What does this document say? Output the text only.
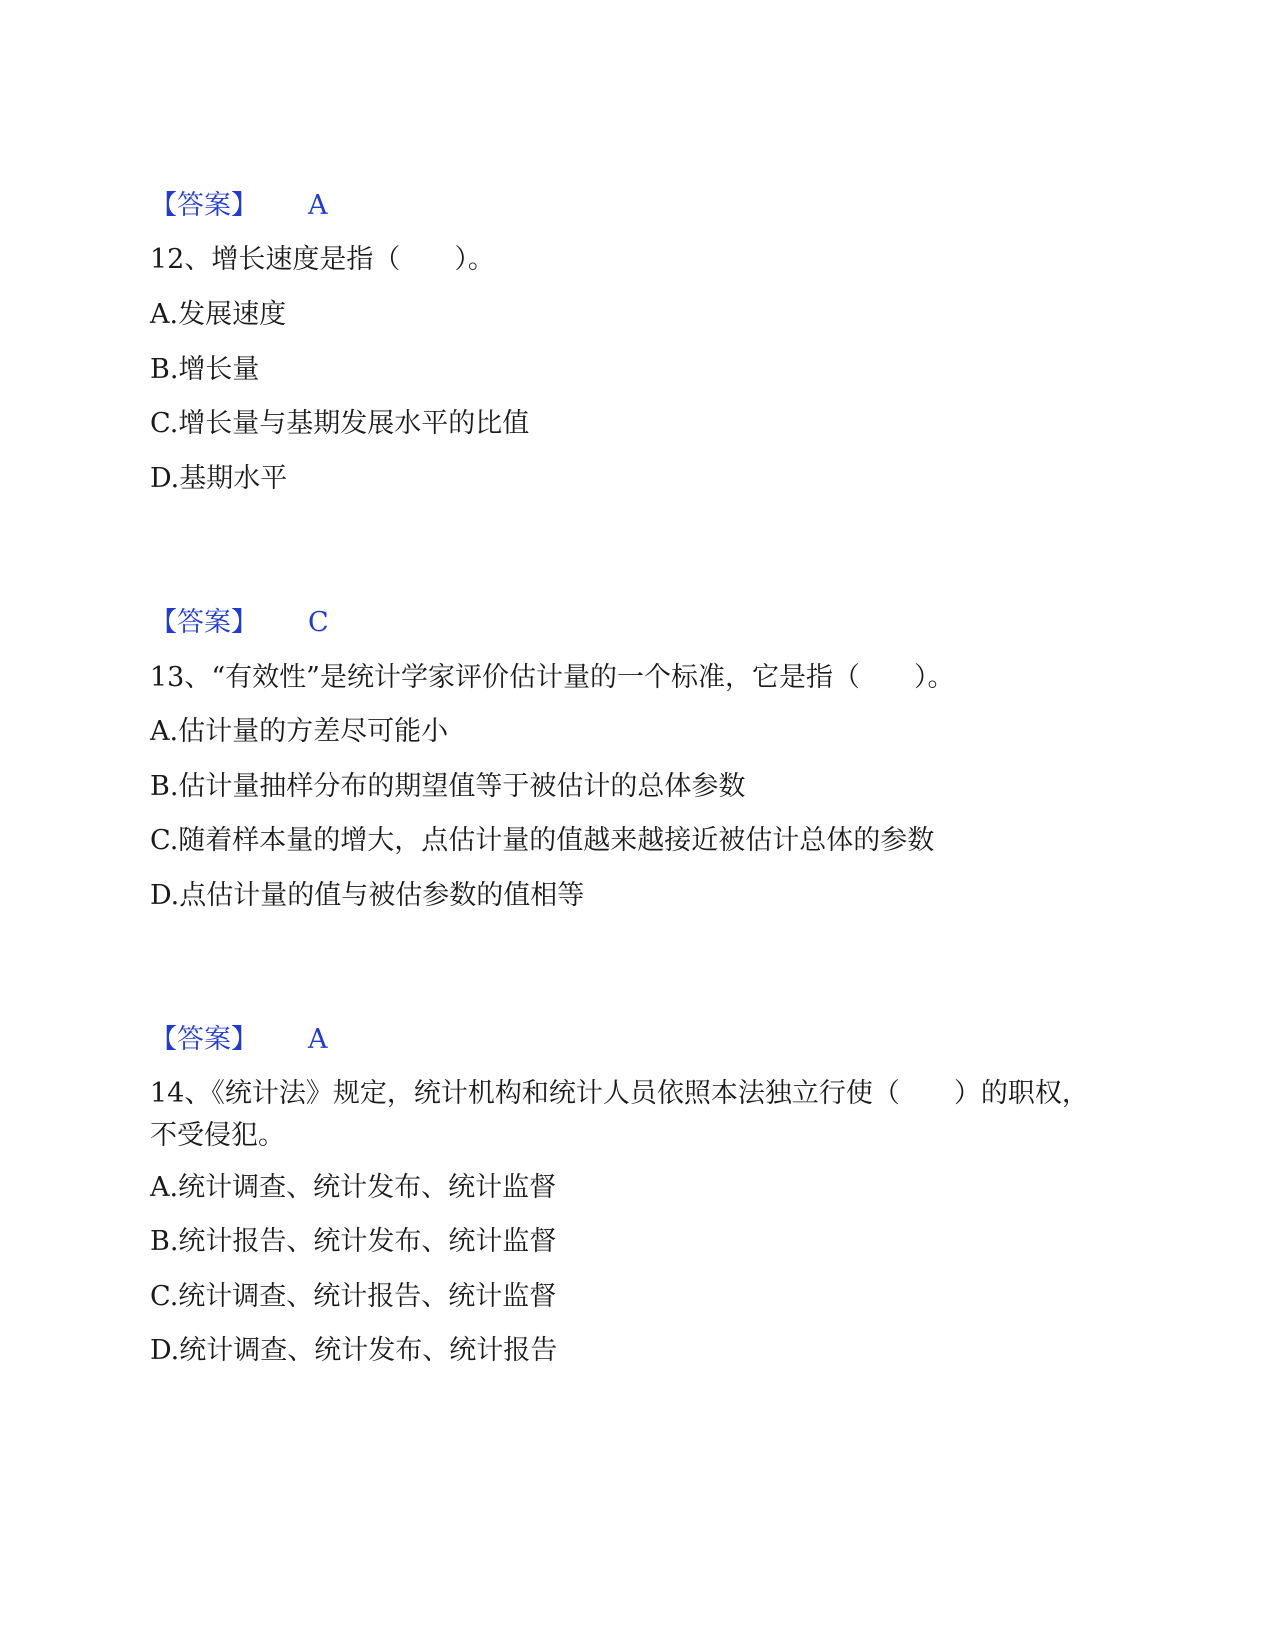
【答案】 A
12、增长速度是指（　　）。
A.发展速度
B.增长量
C.增长量与基期发展水平的比值
D.基期水平
【答案】 C
13、“有效性”是统计学家评价估计量的一个标准，它是指（　　）。
A.估计量的方差尽可能小
B.估计量抽样分布的期望值等于被估计的总体参数
C.随着样本量的增大，点估计量的值越来越接近被估计总体的参数
D.点估计量的值与被估参数的值相等
【答案】 A
14、《统计法》规定，统计机构和统计人员依照本法独立行使（　　）的职权，不受侵犯。
A.统计调查、统计发布、统计监督
B.统计报告、统计发布、统计监督
C.统计调查、统计报告、统计监督
D.统计调查、统计发布、统计报告
